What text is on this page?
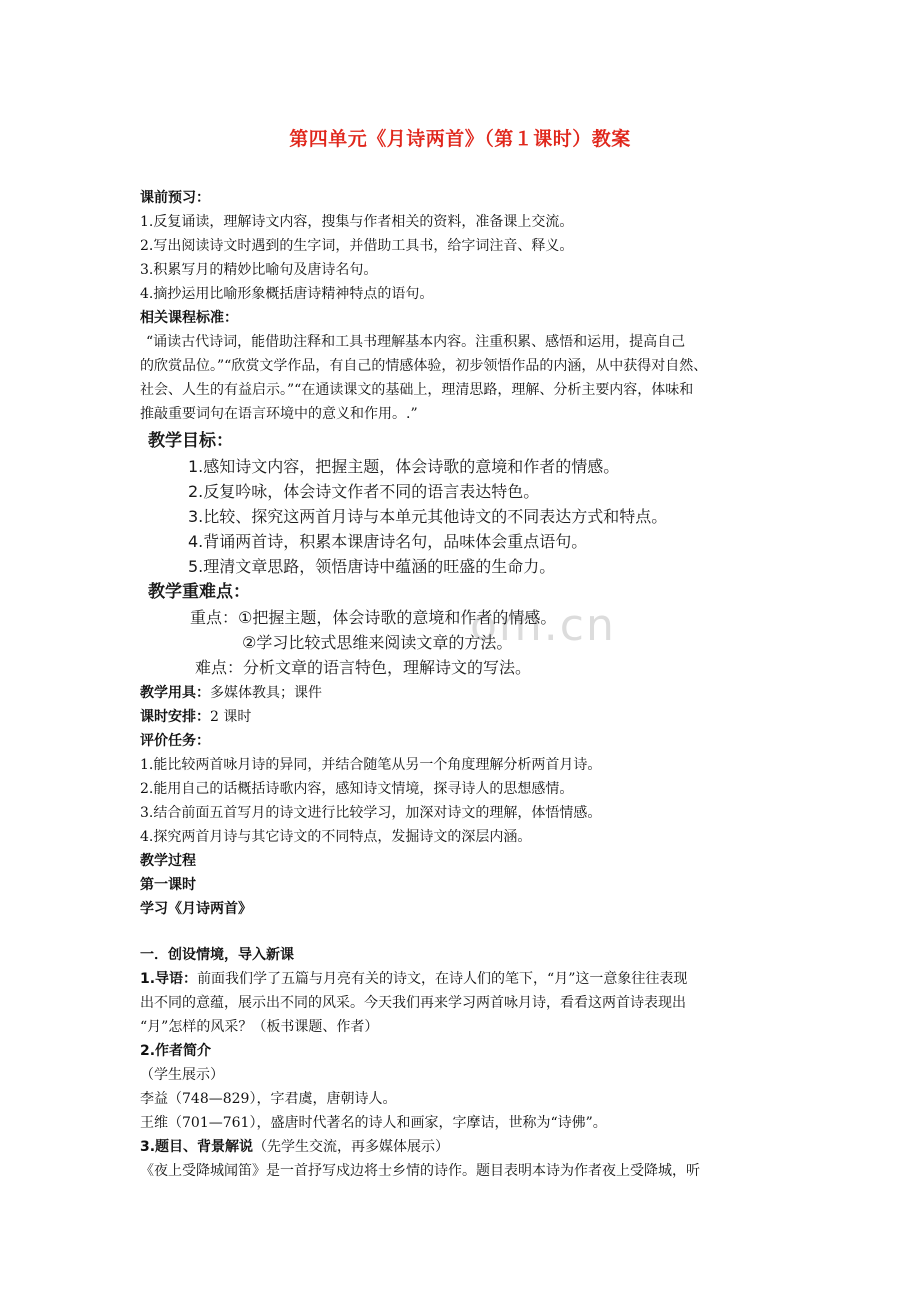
om.cn
第四单元《月诗两首》（第１课时）教案
课前预习：
1.反复诵读，理解诗文内容，搜集与作者相关的资料，准备课上交流。
2.写出阅读诗文时遇到的生字词，并借助工具书，给字词注音、释义。
3.积累写月的精妙比喻句及唐诗名句。
4.摘抄运用比喻形象概括唐诗精神特点的语句。
相关课程标准：
“诵读古代诗词，能借助注释和工具书理解基本内容。注重积累、感悟和运用，提高自己
的欣赏品位。”“欣赏文学作品，有自己的情感体验，初步领悟作品的内涵，从中获得对自然、
社会、人生的有益启示。”“在通读课文的基础上，理清思路，理解、分析主要内容，体味和
推敲重要词句在语言环境中的意义和作用。.”
教学目标：
1.感知诗文内容，把握主题，体会诗歌的意境和作者的情感。
2.反复吟咏，体会诗文作者不同的语言表达特色。
3.比较、探究这两首月诗与本单元其他诗文的不同表达方式和特点。
4.背诵两首诗，积累本课唐诗名句，品味体会重点语句。
5.理清文章思路，领悟唐诗中蕴涵的旺盛的生命力。
教学重难点：
重点：①把握主题，体会诗歌的意境和作者的情感。
②学习比较式思维来阅读文章的方法。
难点：分析文章的语言特色，理解诗文的写法。
教学用具：多媒体教具；课件
课时安排：2 课时
评价任务：
1.能比较两首咏月诗的异同，并结合随笔从另一个角度理解分析两首月诗。
2.能用自己的话概括诗歌内容，感知诗文情境，探寻诗人的思想感情。
3.结合前面五首写月的诗文进行比较学习，加深对诗文的理解，体悟情感。
4.探究两首月诗与其它诗文的不同特点，发掘诗文的深层内涵。
教学过程
第一课时
学习《月诗两首》
一．创设情境，导入新课
1.导语：前面我们学了五篇与月亮有关的诗文，在诗人们的笔下，“月”这一意象往往表现
出不同的意蕴，展示出不同的风采。今天我们再来学习两首咏月诗，看看这两首诗表现出
“月”怎样的风采？（板书课题、作者）
2.作者简介
（学生展示）
李益（748—829），字君虞，唐朝诗人。
王维（701—761），盛唐时代著名的诗人和画家，字摩诘，世称为“诗佛”。
3.题目、背景解说（先学生交流，再多媒体展示）
《夜上受降城闻笛》是一首抒写戍边将士乡情的诗作。题目表明本诗为作者夜上受降城，听
